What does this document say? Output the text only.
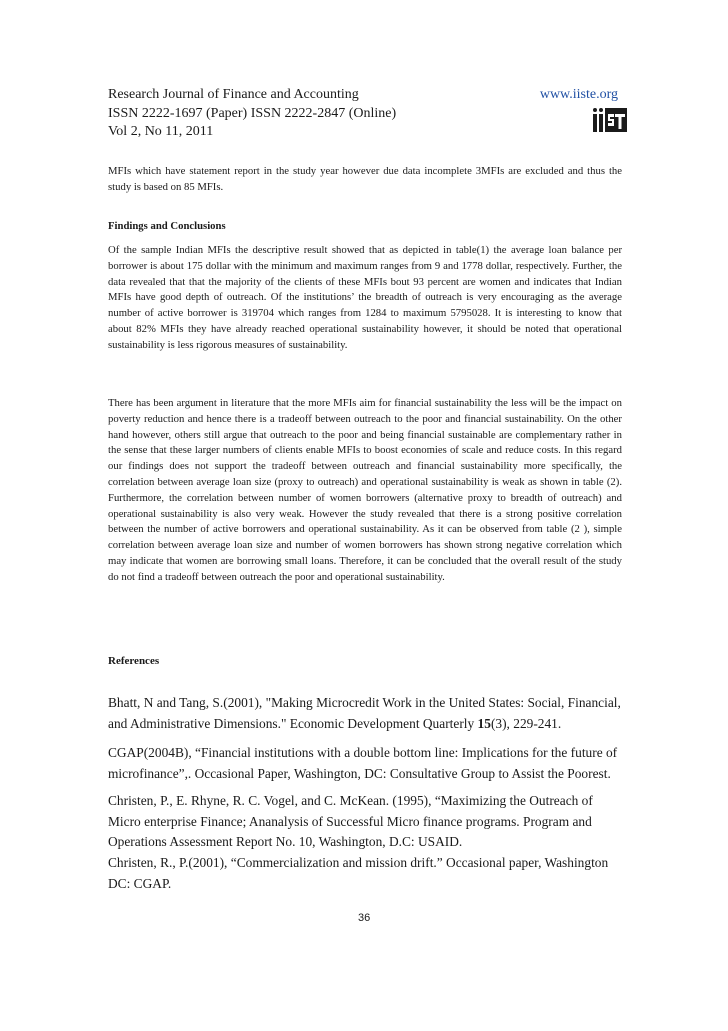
Research Journal of Finance and Accounting	www.iiste.org
ISSN 2222-1697 (Paper) ISSN 2222-2847 (Online)
Vol 2, No 11, 2011

MFIs which have statement report in the study year however due data incomplete 3MFIs are excluded and thus the study is based on 85 MFIs.

Findings and Conclusions

Of the sample Indian MFIs the descriptive result showed that as depicted in table(1) the average loan balance per borrower is about 175 dollar with the minimum and maximum ranges from 9 and 1778 dollar, respectively. Further, the data revealed that that the majority of the clients of these MFIs bout 93 percent are women and indicates that Indian MFIs have good depth of outreach. Of the institutions’ the breadth of outreach is very encouraging as the average number of active borrower is 319704 which ranges from 1284 to maximum 5795028. It is interesting to know that about 82% MFIs they have already reached operational sustainability however, it should be noted that operational sustainability is less rigorous measures of sustainability.

There has been argument in literature that the more MFIs aim for financial sustainability the less will be the impact on poverty reduction and hence there is a tradeoff between outreach to the poor and financial sustainability. On the other hand however, others still argue that outreach to the poor and being financial sustainable are complementary rather in the sense that these larger numbers of clients enable MFIs to boost economies of scale and reduce costs. In this regard our findings does not support the tradeoff between outreach and financial sustainability more specifically, the correlation between average loan size (proxy to outreach) and operational sustainability is weak as shown in table (2). Furthermore, the correlation between number of women borrowers (alternative proxy to breadth of outreach) and operational sustainability is also very weak. However the study revealed that there is a strong positive correlation between the number of active borrowers and operational sustainability. As it can be observed from table (2 ), simple correlation between average loan size and number of women borrowers has shown strong negative correlation which may indicate that women are borrowing small loans. Therefore, it can be concluded that the overall result of the study do not find a tradeoff between outreach the poor and operational sustainability.

References

Bhatt, N and Tang, S.(2001), "Making Microcredit Work in the United States: Social, Financial, and Administrative Dimensions." Economic Development Quarterly 15(3), 229-241.

CGAP(2004B), “Financial institutions with a double bottom line: Implications for the future of microfinance”,. Occasional Paper, Washington, DC: Consultative Group to Assist the Poorest.

Christen, P., E. Rhyne, R. C. Vogel, and C. McKean. (1995), “Maximizing the Outreach of Micro enterprise Finance; Ananalysis of Successful Micro finance programs. Program and Operations Assessment Report No. 10, Washington, D.C: USAID.

Christen, R., P.(2001), “Commercialization and mission drift.” Occasional paper, Washington DC: CGAP.

36
